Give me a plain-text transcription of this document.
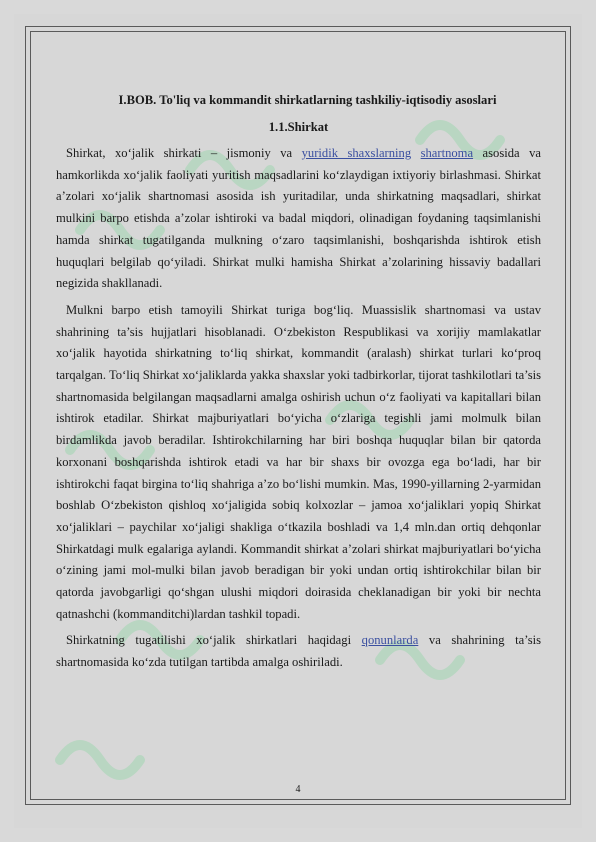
I.BOB. To'liq va kommandit shirkatlarning tashkiliy-iqtisodiy asoslari

1.1.Shirkat

Shirkat, xo‘jalik shirkati – jismoniy va yuridik shaxslarning shartnoma asosida va hamkorlikda xo‘jalik faoliyati yuritish maqsadlarini ko‘zlaydigan ixtiyoriy birlashmasi. Shirkat a’zolari xo‘jalik shartnomasi asosida ish yuritadilar, unda shirkatning maqsadlari, shirkat mulkini barpo etishda a’zolar ishtiroki va badal miqdori, olinadigan foydaning taqsimlanishi hamda shirkat tugatilganda mulkning o‘zaro taqsimlanishi, boshqarishda ishtirok etish huquqlari belgilab qo‘yiladi. Shirkat mulki hamisha Shirkat a’zolarining hissaviy badallari negizida shakllanadi.

Mulkni barpo etish tamoyili Shirkat turiga bog‘liq. Muassislik shartnomasi va ustav shahrining ta’sis hujjatlari hisoblanadi. O‘zbekiston Respublikasi va xorijiy mamlakatlar xo‘jalik hayotida shirkatning to‘liq shirkat, kommandit (aralash) shirkat turlari ko‘proq tarqalgan. To‘liq Shirkat xo‘jaliklarda yakka shaxslar yoki tadbirkorlar, tijorat tashkilotlari ta’sis shartnomasida belgilangan maqsadlarni amalga oshirish uchun o‘z faoliyati va kapitallari bilan ishtirok etadilar. Shirkat majburiyatlari bo‘yicha o‘zlariga tegishli jami molmulk bilan birdamlikda javob beradilar. Ishtirokchilarning har biri boshqa huquqlar bilan bir qatorda korxonani boshqarishda ishtirok etadi va har bir shaxs bir ovozga ega bo‘ladi, har bir ishtirokchi faqat birgina to‘liq shahriga a’zo bo‘lishi mumkin. Mas, 1990-yillarning 2-yarmidan boshlab O‘zbekiston qishloq xo‘jaligida sobiq kolxozlar – jamoa xo‘jaliklari yopiq Shirkat xo‘jaliklari – paychilar xo‘jaligi shakliga o‘tkazila boshladi va 1,4 mln.dan ortiq dehqonlar Shirkatdagi mulk egalariga aylandi. Kommandit shirkat a’zolari shirkat majburiyatlari bo‘yicha o‘zining jami mol-mulki bilan javob beradigan bir yoki undan ortiq ishtirokchilar bilan bir qatorda javobgarligi qo‘shgan ulushi miqdori doirasida cheklanadigan bir yoki bir nechta qatnashchi (kommanditchi)lardan tashkil topadi.

Shirkatning tugatilishi xo‘jalik shirkatlari haqidagi qonunlarda va shahrining ta’sis shartnomasida ko‘zda tutilgan tartibda amalga oshiriladi.

4
